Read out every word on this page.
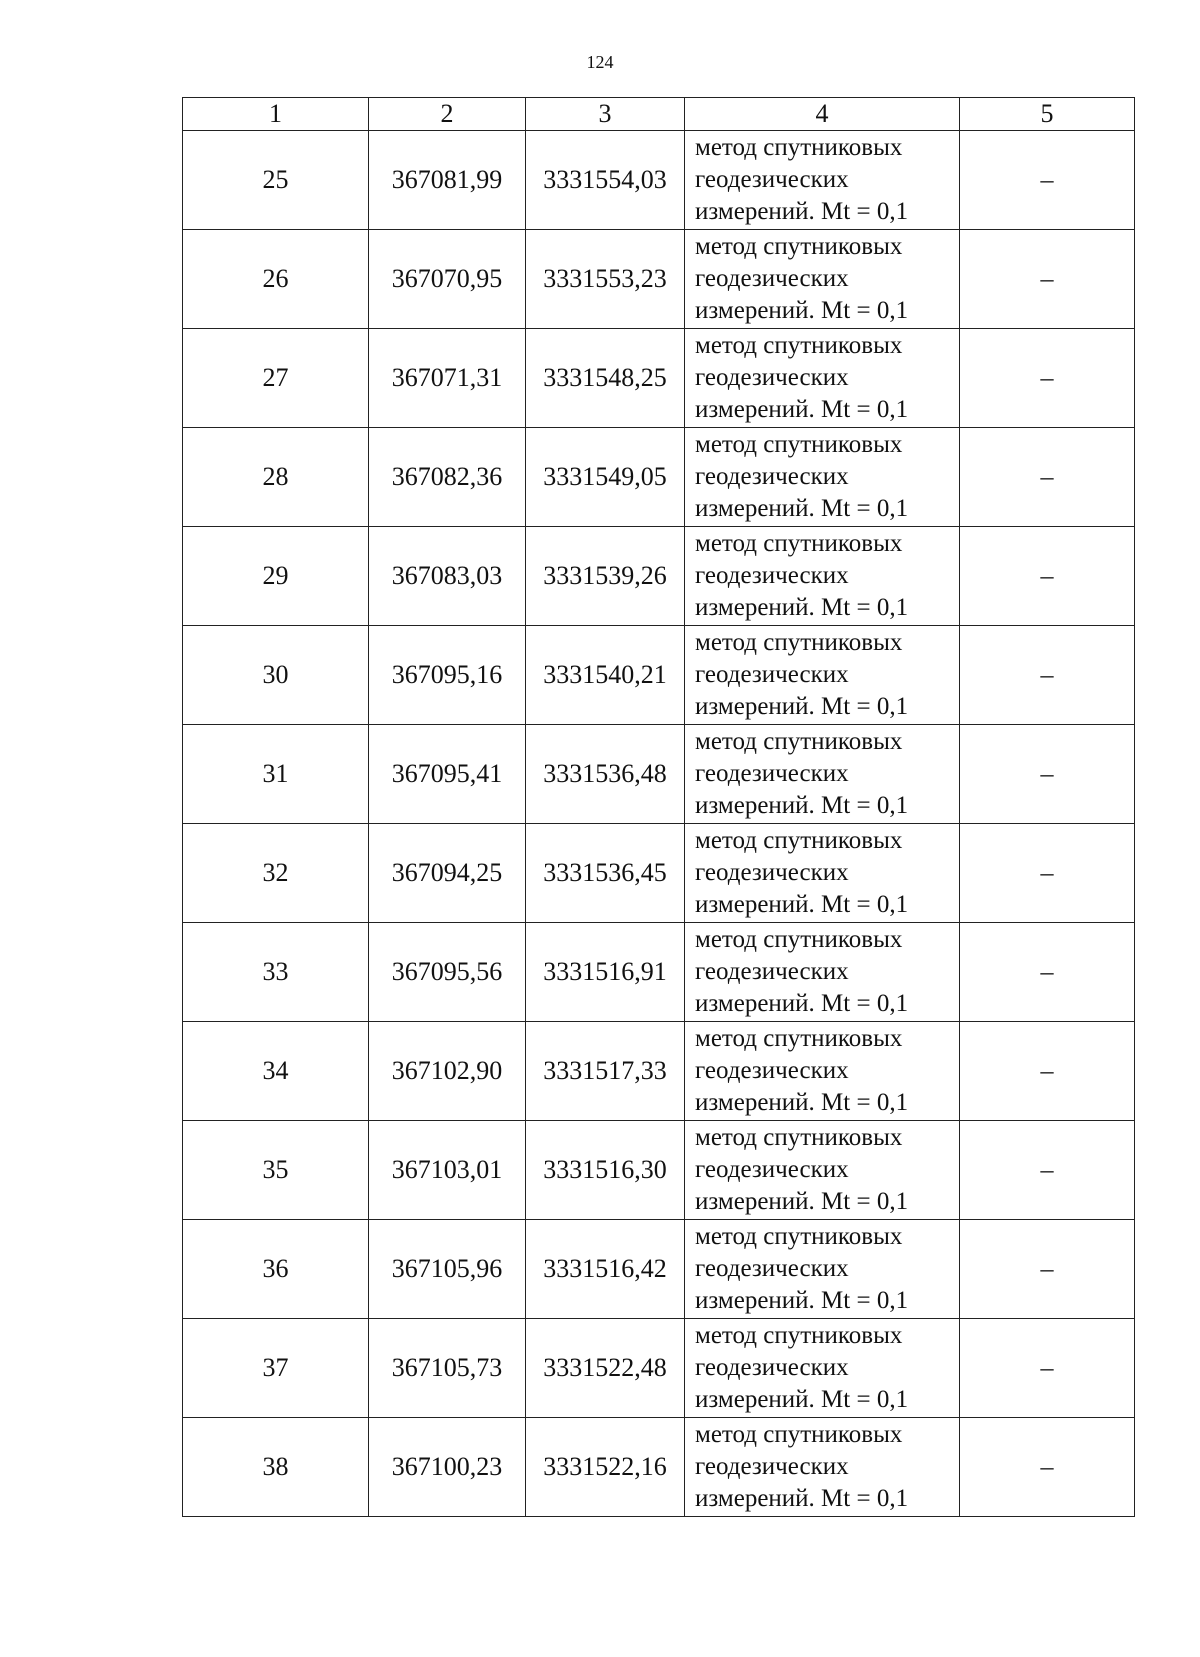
124
1	2	3	4	5
25	367081,99	3331554,03	метод спутниковых
геодезических
измерений. Mt = 0,1	–
26	367070,95	3331553,23	метод спутниковых
геодезических
измерений. Mt = 0,1	–
27	367071,31	3331548,25	метод спутниковых
геодезических
измерений. Mt = 0,1	–
28	367082,36	3331549,05	метод спутниковых
геодезических
измерений. Mt = 0,1	–
29	367083,03	3331539,26	метод спутниковых
геодезических
измерений. Mt = 0,1	–
30	367095,16	3331540,21	метод спутниковых
геодезических
измерений. Mt = 0,1	–
31	367095,41	3331536,48	метод спутниковых
геодезических
измерений. Mt = 0,1	–
32	367094,25	3331536,45	метод спутниковых
геодезических
измерений. Mt = 0,1	–
33	367095,56	3331516,91	метод спутниковых
геодезических
измерений. Mt = 0,1	–
34	367102,90	3331517,33	метод спутниковых
геодезических
измерений. Mt = 0,1	–
35	367103,01	3331516,30	метод спутниковых
геодезических
измерений. Mt = 0,1	–
36	367105,96	3331516,42	метод спутниковых
геодезических
измерений. Mt = 0,1	–
37	367105,73	3331522,48	метод спутниковых
геодезических
измерений. Mt = 0,1	–
38	367100,23	3331522,16	метод спутниковых
геодезических
измерений. Mt = 0,1	–
